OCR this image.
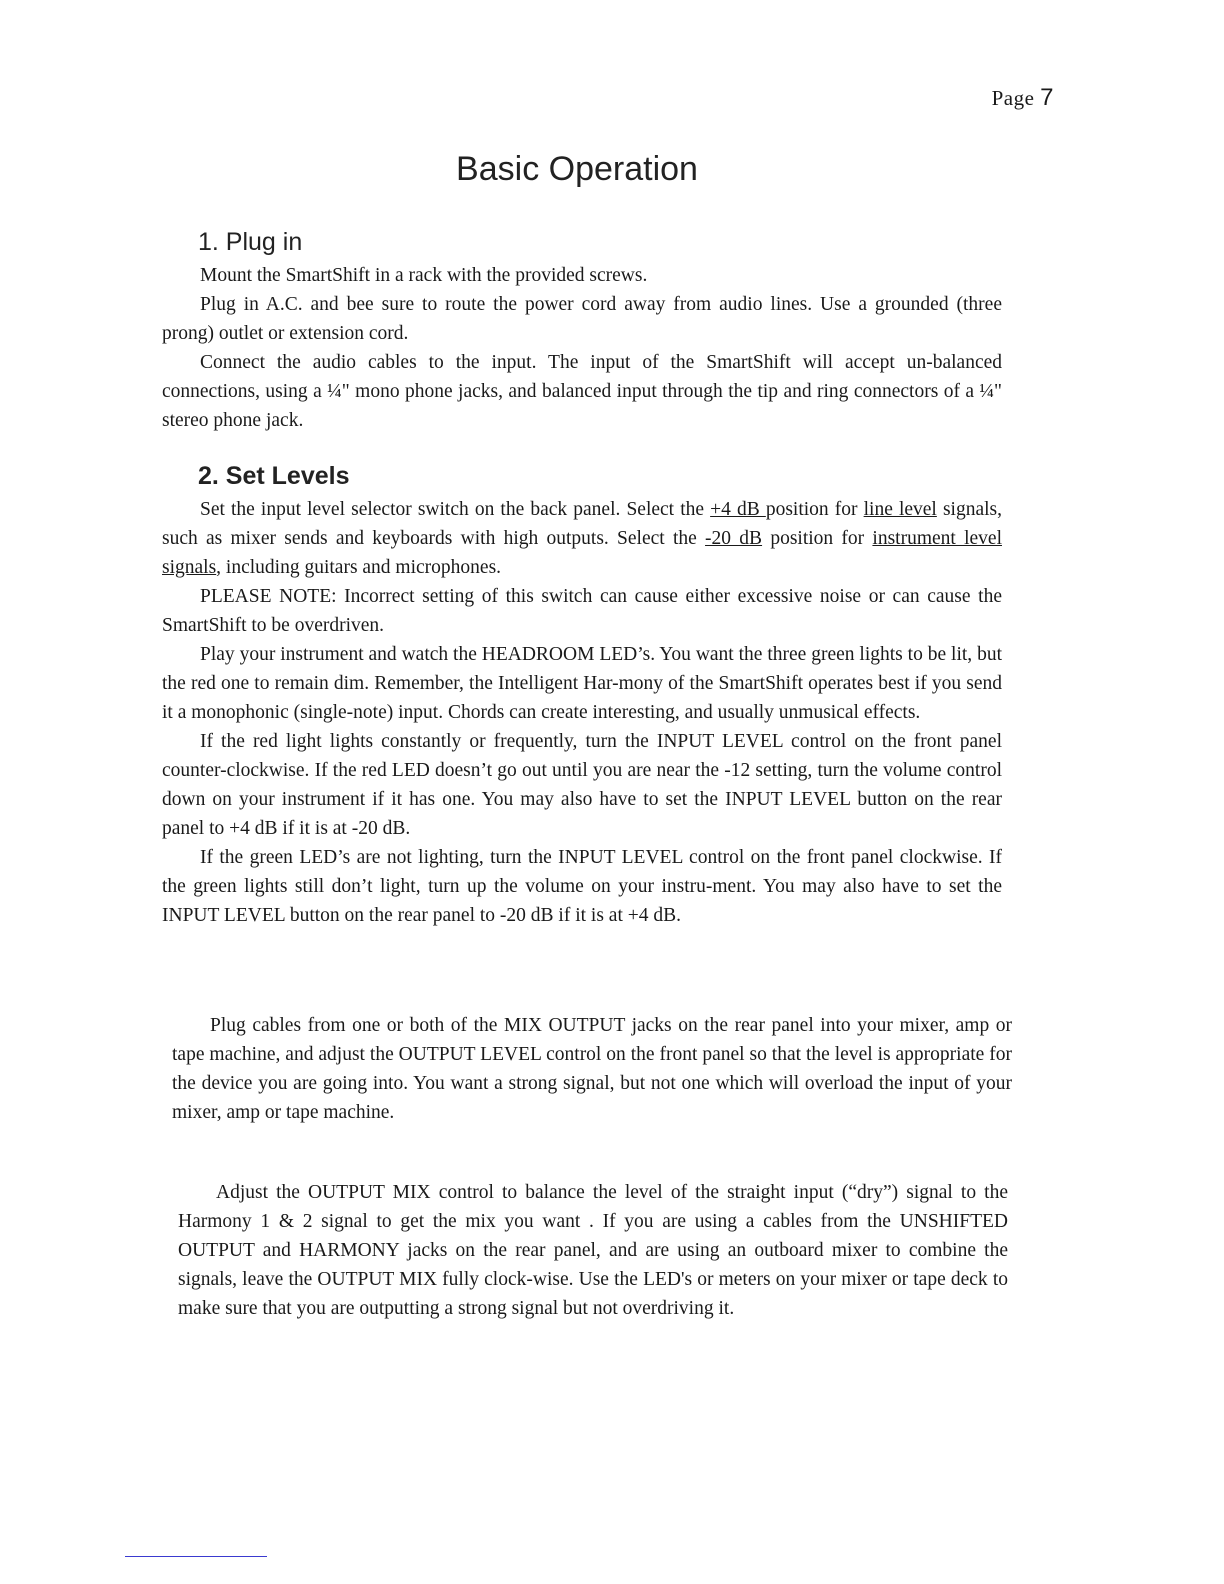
Page 7
Basic Operation
1. Plug in

Mount the SmartShift in a rack with the provided screws.

Plug in A.C. and bee sure to route the power cord away from audio lines. Use a grounded (three prong) outlet or extension cord.

Connect the audio cables to the input. The input of the SmartShift will accept un-balanced connections, using a ¼" mono phone jacks, and balanced input through the tip and ring connectors of a ¼" stereo phone jack.

2. Set Levels

Set the input level selector switch on the back panel. Select the +4 dB position for line level signals, such as mixer sends and keyboards with high outputs. Select the -20 dB position for instrument level signals, including guitars and microphones.

PLEASE NOTE: Incorrect setting of this switch can cause either excessive noise or can cause the SmartShift to be overdriven.

Play your instrument and watch the HEADROOM LED’s. You want the three green lights to be lit, but the red one to remain dim. Remember, the Intelligent Har-mony of the SmartShift operates best if you send it a monophonic (single-note) input. Chords can create interesting, and usually unmusical effects.

If the red light lights constantly or frequently, turn the INPUT LEVEL control on the front panel counter-clockwise. If the red LED doesn’t go out until you are near the -12 setting, turn the volume control down on your instrument if it has one. You may also have to set the INPUT LEVEL button on the rear panel to +4 dB if it is at -20 dB.

If the green LED’s are not lighting, turn the INPUT LEVEL control on the front panel clockwise. If the green lights still don’t light, turn up the volume on your instru-ment. You may also have to set the INPUT LEVEL button on the rear panel to -20 dB if it is at +4 dB.

Plug cables from one or both of the MIX OUTPUT jacks on the rear panel into your mixer, amp or tape machine, and adjust the OUTPUT LEVEL control on the front panel so that the level is appropriate for the device you are going into. You want a strong signal, but not one which will overload the input of your mixer, amp or tape machine.

Adjust the OUTPUT MIX control to balance the level of the straight input (“dry”) signal to the Harmony 1 & 2 signal to get the mix you want . If you are using a cables from the UNSHIFTED OUTPUT and HARMONY jacks on the rear panel, and are using an outboard mixer to combine the signals, leave the OUTPUT MIX fully clock-wise. Use the LED's or meters on your mixer or tape deck to make sure that you are outputting a strong signal but not overdriving it.
